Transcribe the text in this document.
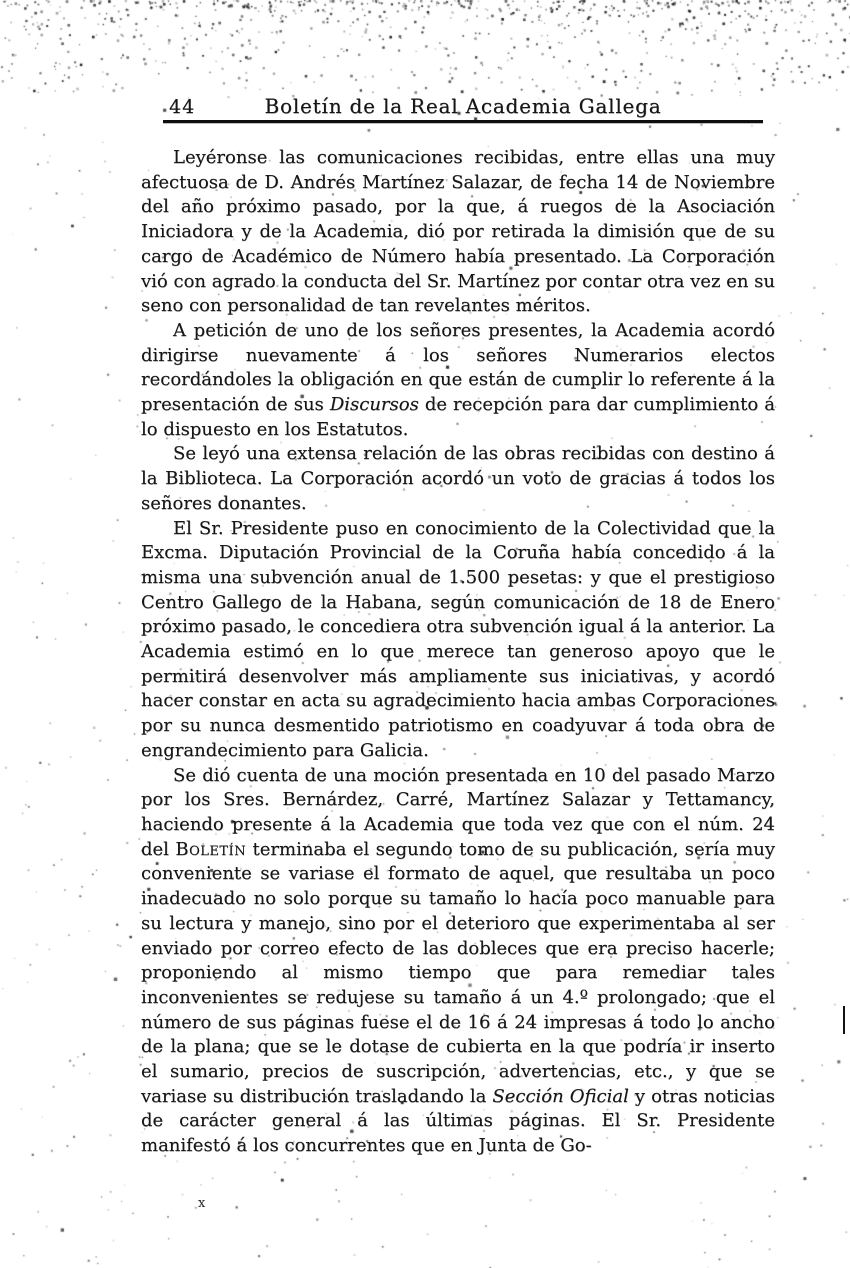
44	Boletín de la Real Academia Gallega

Leyéronse las comunicaciones recibidas, entre ellas una muy afectuosa de D. Andrés Martínez Salazar, de fecha 14 de Noviembre del año próximo pasado, por la que, á ruegos de la Asociación Iniciadora y de la Academia, dió por retirada la dimisión que de su cargo de Académico de Número había presentado. La Corporación vió con agrado la conducta del Sr. Martínez por contar otra vez en su seno con personalidad de tan revelantes méritos.

A petición de uno de los señores presentes, la Academia acordó dirigirse nuevamente á los señores Numerarios electos recordándoles la obligación en que están de cumplir lo referente á la presentación de sus Discursos de recepción para dar cumplimiento á lo dispuesto en los Estatutos.

Se leyó una extensa relación de las obras recibidas con destino á la Biblioteca. La Corporación acordó un voto de gracias á todos los señores donantes.

El Sr. Presidente puso en conocimiento de la Colectividad que la Excma. Diputación Provincial de la Coruña había concedido á la misma una subvención anual de 1.500 pesetas: y que el prestigioso Centro Gallego de la Habana, según comunicación de 18 de Enero próximo pasado, le concediera otra subvención igual á la anterior. La Academia estimó en lo que merece tan generoso apoyo que le permitirá desenvolver más ampliamente sus iniciativas, y acordó hacer constar en acta su agradecimiento hacia ambas Corporaciones por su nunca desmentido patriotismo en coadyuvar á toda obra de engrandecimiento para Galicia.

Se dió cuenta de una moción presentada en 10 del pasado Marzo por los Sres. Bernárdez, Carré, Martínez Salazar y Tettamancy, haciendo presente á la Academia que toda vez que con el núm. 24 del Boletín terminaba el segundo tomo de su publicación, sería muy conveniente se variase el formato de aquel, que resultaba un poco inadecuado no solo porque su tamaño lo hacía poco manuable para su lectura y manejo, sino por el deterioro que experimentaba al ser enviado por correo efecto de las dobleces que era preciso hacerle; proponiendo al mismo tiempo que para remediar tales inconvenientes se redujese su tamaño á un 4.º prolongado; que el número de sus páginas fuese el de 16 á 24 impresas á todo lo ancho de la plana; que se le dotase de cubierta en la que podría ir inserto el sumario, precios de suscripción, advertencias, etc., y que se variase su distribución trasladando la Sección Oficial y otras noticias de carácter general á las últimas páginas. El Sr. Presidente manifestó á los concurrentes que en Junta de Go-

x
